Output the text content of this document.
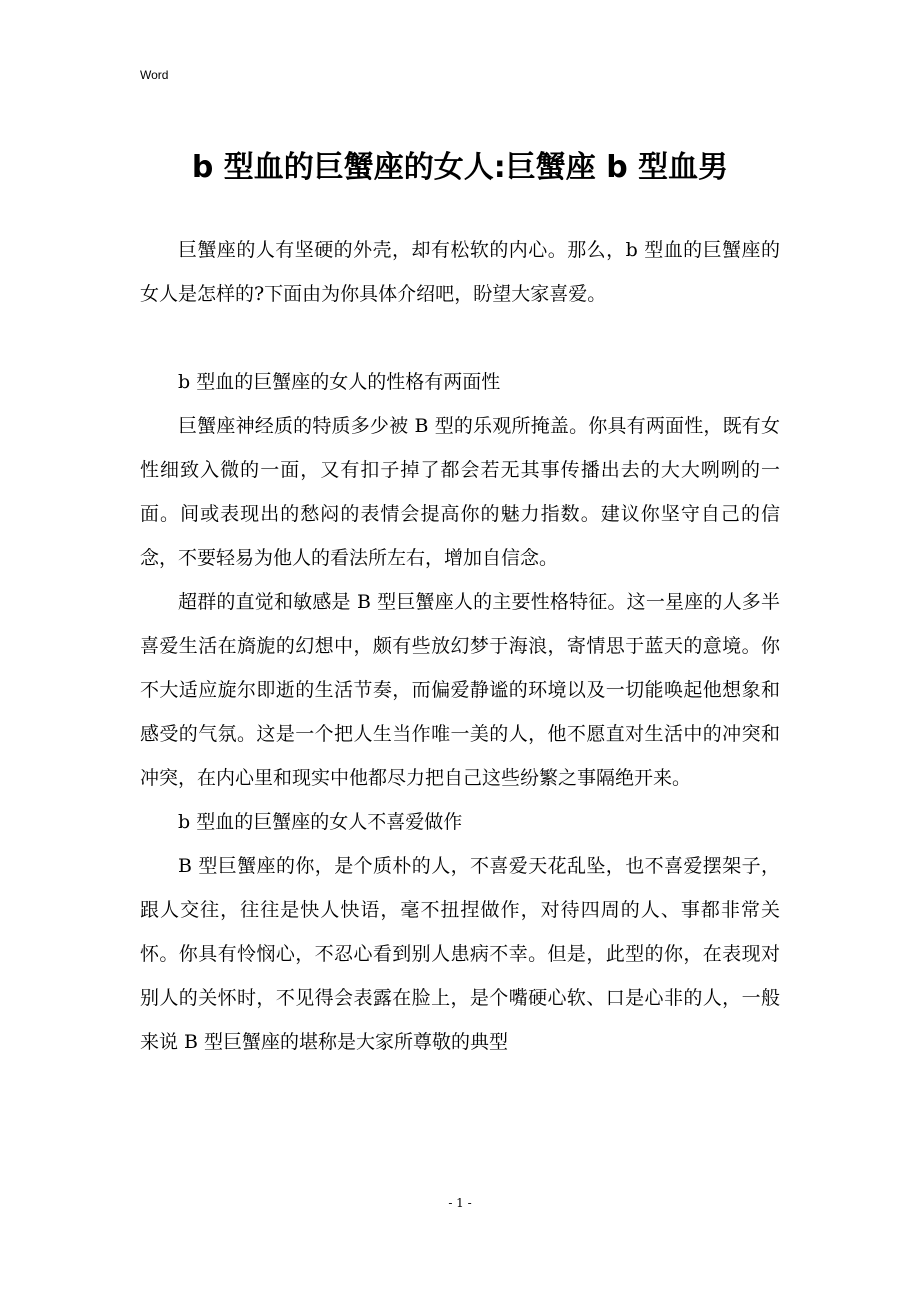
Word
b 型血的巨蟹座的女人:巨蟹座 b 型血男

巨蟹座的人有坚硬的外壳，却有松软的内心。那么，b 型血的巨蟹座的女人是怎样的?下面由为你具体介绍吧，盼望大家喜爱。

b 型血的巨蟹座的女人的性格有两面性

巨蟹座神经质的特质多少被 B 型的乐观所掩盖。你具有两面性，既有女性细致入微的一面，又有扣子掉了都会若无其事传播出去的大大咧咧的一面。间或表现出的愁闷的表情会提高你的魅力指数。建议你坚守自己的信念，不要轻易为他人的看法所左右，增加自信念。

超群的直觉和敏感是 B 型巨蟹座人的主要性格特征。这一星座的人多半喜爱生活在旖旎的幻想中，颇有些放幻梦于海浪，寄情思于蓝天的意境。你不大适应旋尔即逝的生活节奏，而偏爱静谧的环境以及一切能唤起他想象和感受的气氛。这是一个把人生当作唯一美的人，他不愿直对生活中的冲突和冲突，在内心里和现实中他都尽力把自己这些纷繁之事隔绝开来。

b 型血的巨蟹座的女人不喜爱做作

B 型巨蟹座的你，是个质朴的人，不喜爱天花乱坠，也不喜爱摆架子，跟人交往，往往是快人快语，毫不扭捏做作，对待四周的人、事都非常关怀。你具有怜悯心，不忍心看到别人患病不幸。但是，此型的你，在表现对别人的关怀时，不见得会表露在脸上，是个嘴硬心软、口是心非的人，一般来说 B 型巨蟹座的堪称是大家所尊敬的典型

- 1 -
